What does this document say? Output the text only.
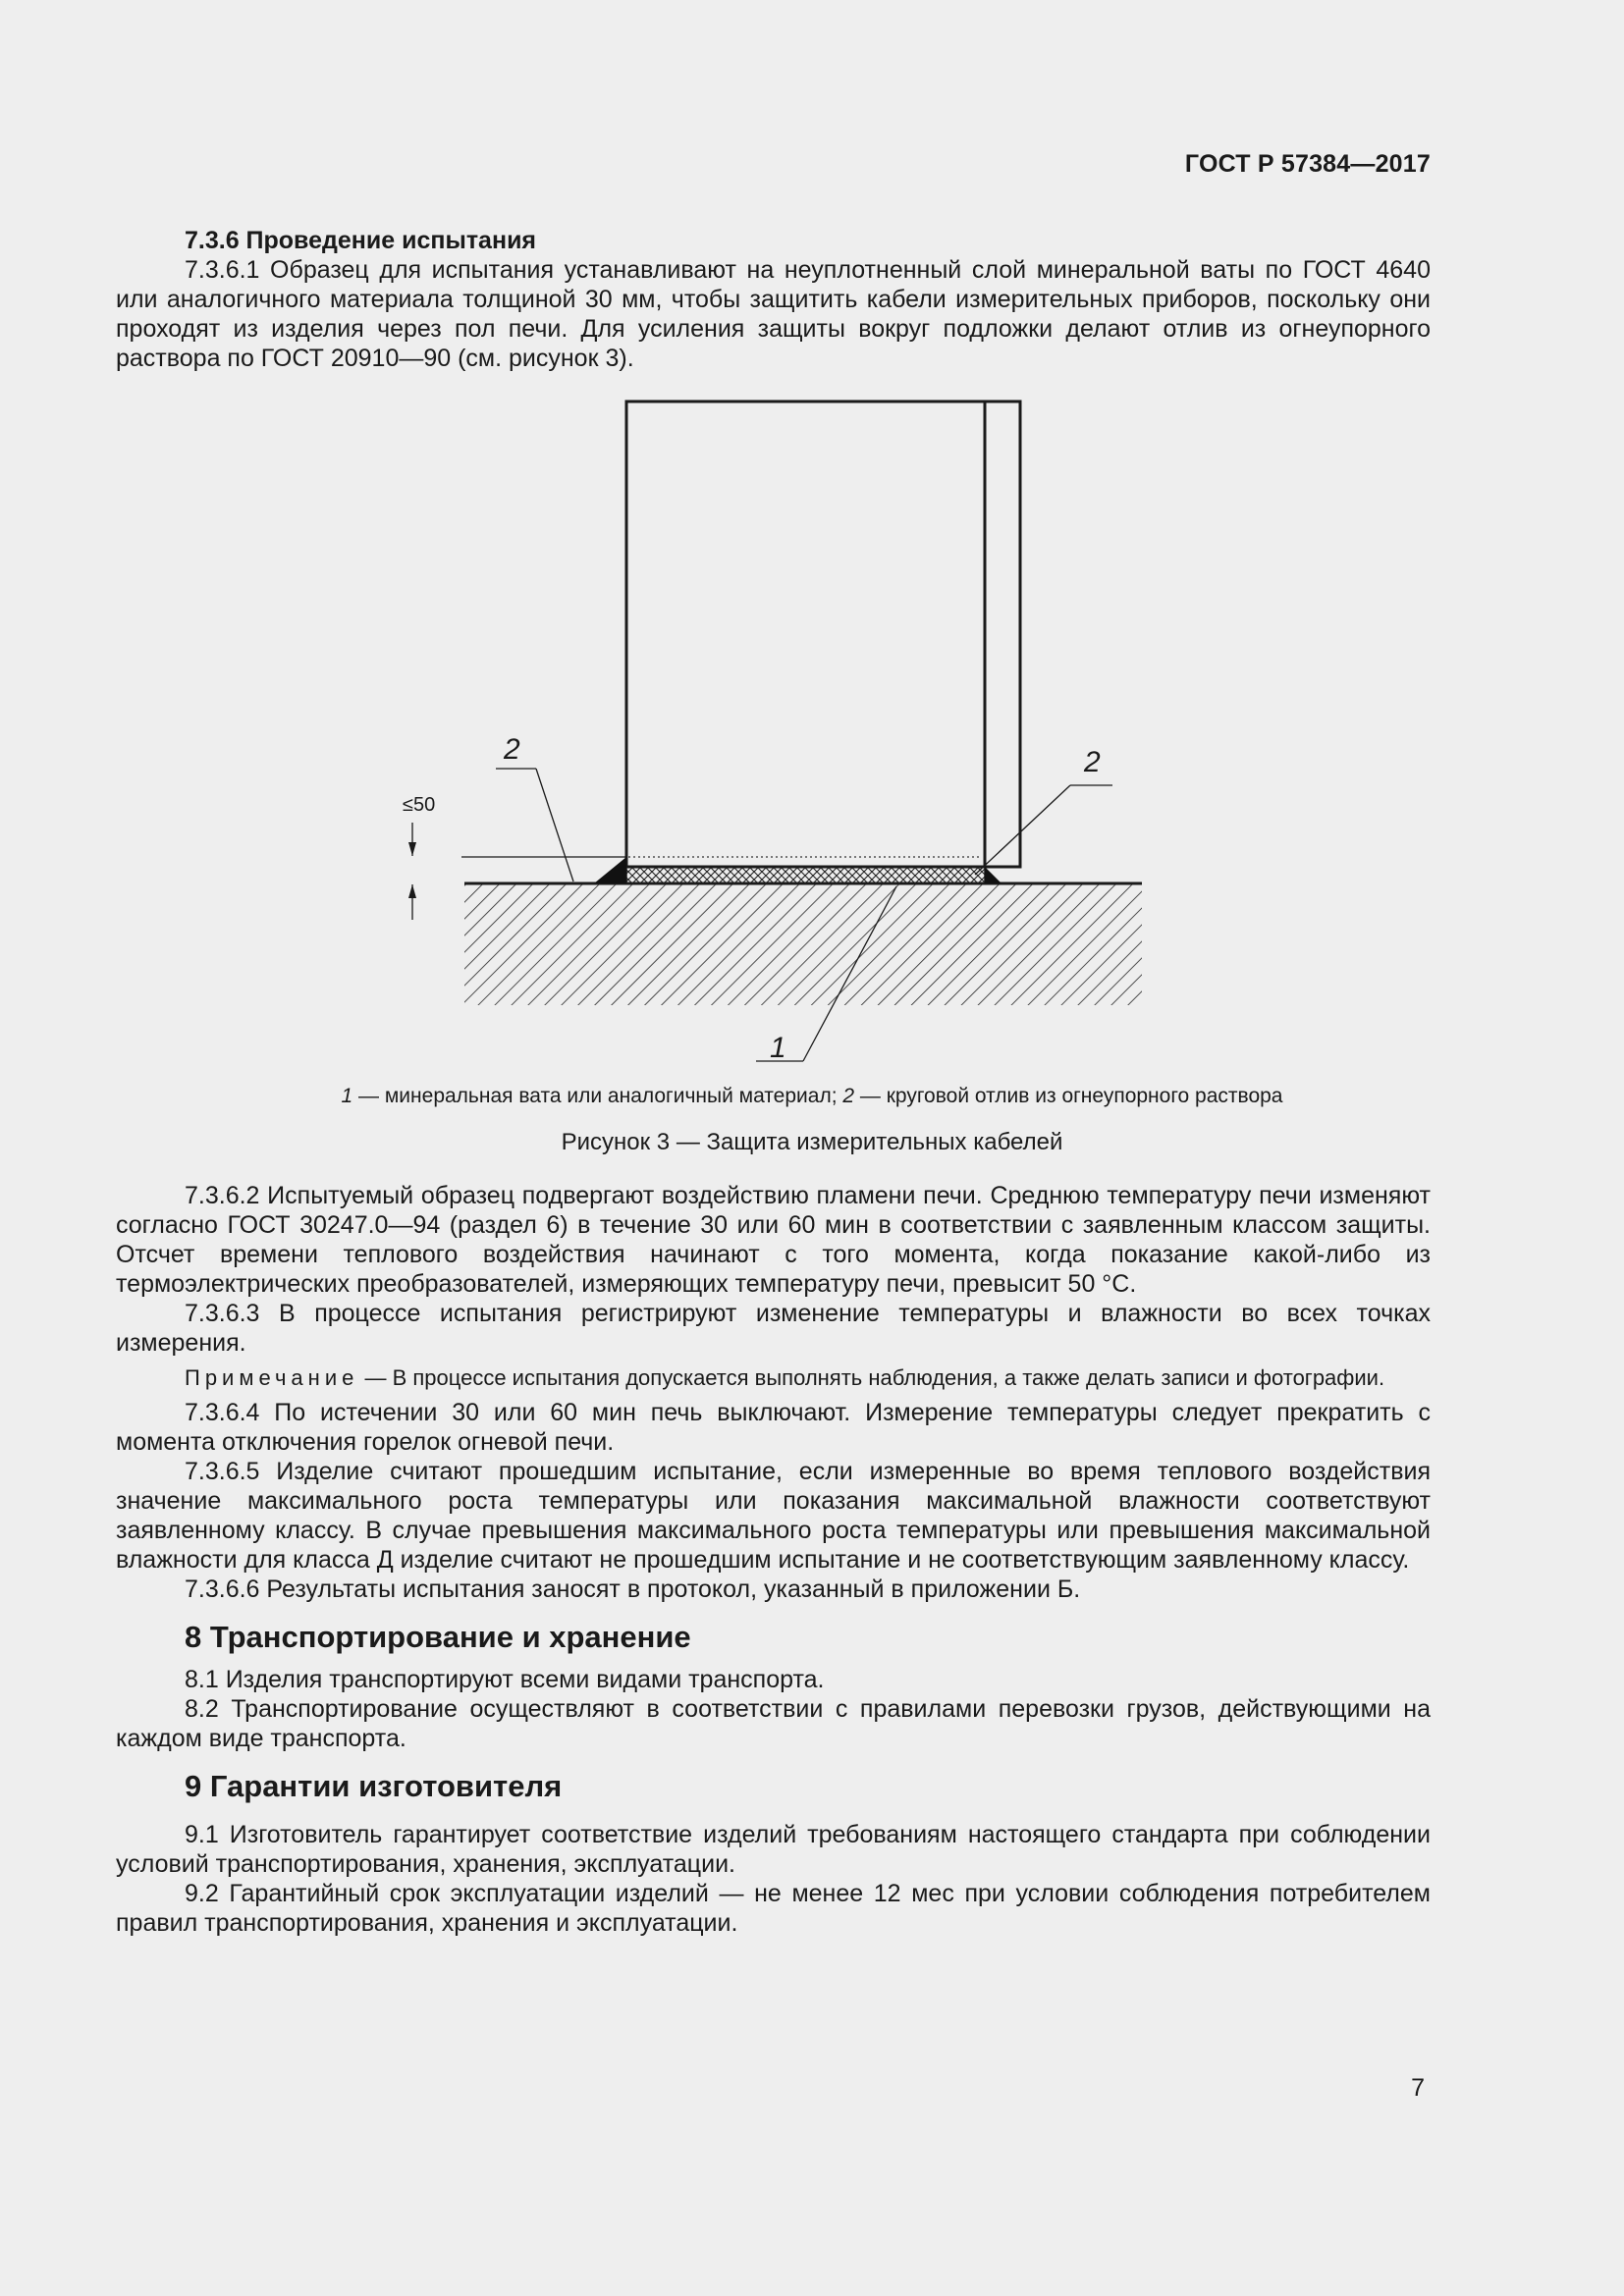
ГОСТ Р 57384—2017
7.3.6 Проведение испытания

7.3.6.1 Образец для испытания устанавливают на неуплотненный слой минеральной ваты по ГОСТ 4640 или аналогичного материала толщиной 30 мм, чтобы защитить кабели измерительных приборов, поскольку они проходят из изделия через пол печи. Для усиления защиты вокруг подложки делают отлив из огнеупорного раствора по ГОСТ 20910—90 (см. рисунок 3).

≤50
2	2
1
1 — минеральная вата или аналогичный материал; 2 — круговой отлив из огнеупорного раствора
Рисунок 3 — Защита измерительных кабелей

7.3.6.2 Испытуемый образец подвергают воздействию пламени печи. Среднюю температуру печи изменяют согласно ГОСТ 30247.0—94 (раздел 6) в течение 30 или 60 мин в соответствии с заявленным классом защиты. Отсчет времени теплового воздействия начинают с того момента, когда показание какой-либо из термоэлектрических преобразователей, измеряющих температуру печи, превысит 50 °С.

7.3.6.3 В процессе испытания регистрируют изменение температуры и влажности во всех точках измерения.

Примечание — В процессе испытания допускается выполнять наблюдения, а также делать записи и фотографии.

7.3.6.4 По истечении 30 или 60 мин печь выключают. Измерение температуры следует прекратить с момента отключения горелок огневой печи.

7.3.6.5 Изделие считают прошедшим испытание, если измеренные во время теплового воздействия значение максимального роста температуры или показания максимальной влажности соответствуют заявленному классу. В случае превышения максимального роста температуры или превышения максимальной влажности для класса Д изделие считают не прошедшим испытание и не соответствующим заявленному классу.

7.3.6.6 Результаты испытания заносят в протокол, указанный в приложении Б.

8 Транспортирование и хранение

8.1 Изделия транспортируют всеми видами транспорта.

8.2 Транспортирование осуществляют в соответствии с правилами перевозки грузов, действующими на каждом виде транспорта.

9 Гарантии изготовителя

9.1 Изготовитель гарантирует соответствие изделий требованиям настоящего стандарта при соблюдении условий транспортирования, хранения, эксплуатации.

9.2 Гарантийный срок эксплуатации изделий — не менее 12 мес при условии соблюдения потребителем правил транспортирования, хранения и эксплуатации.

7
